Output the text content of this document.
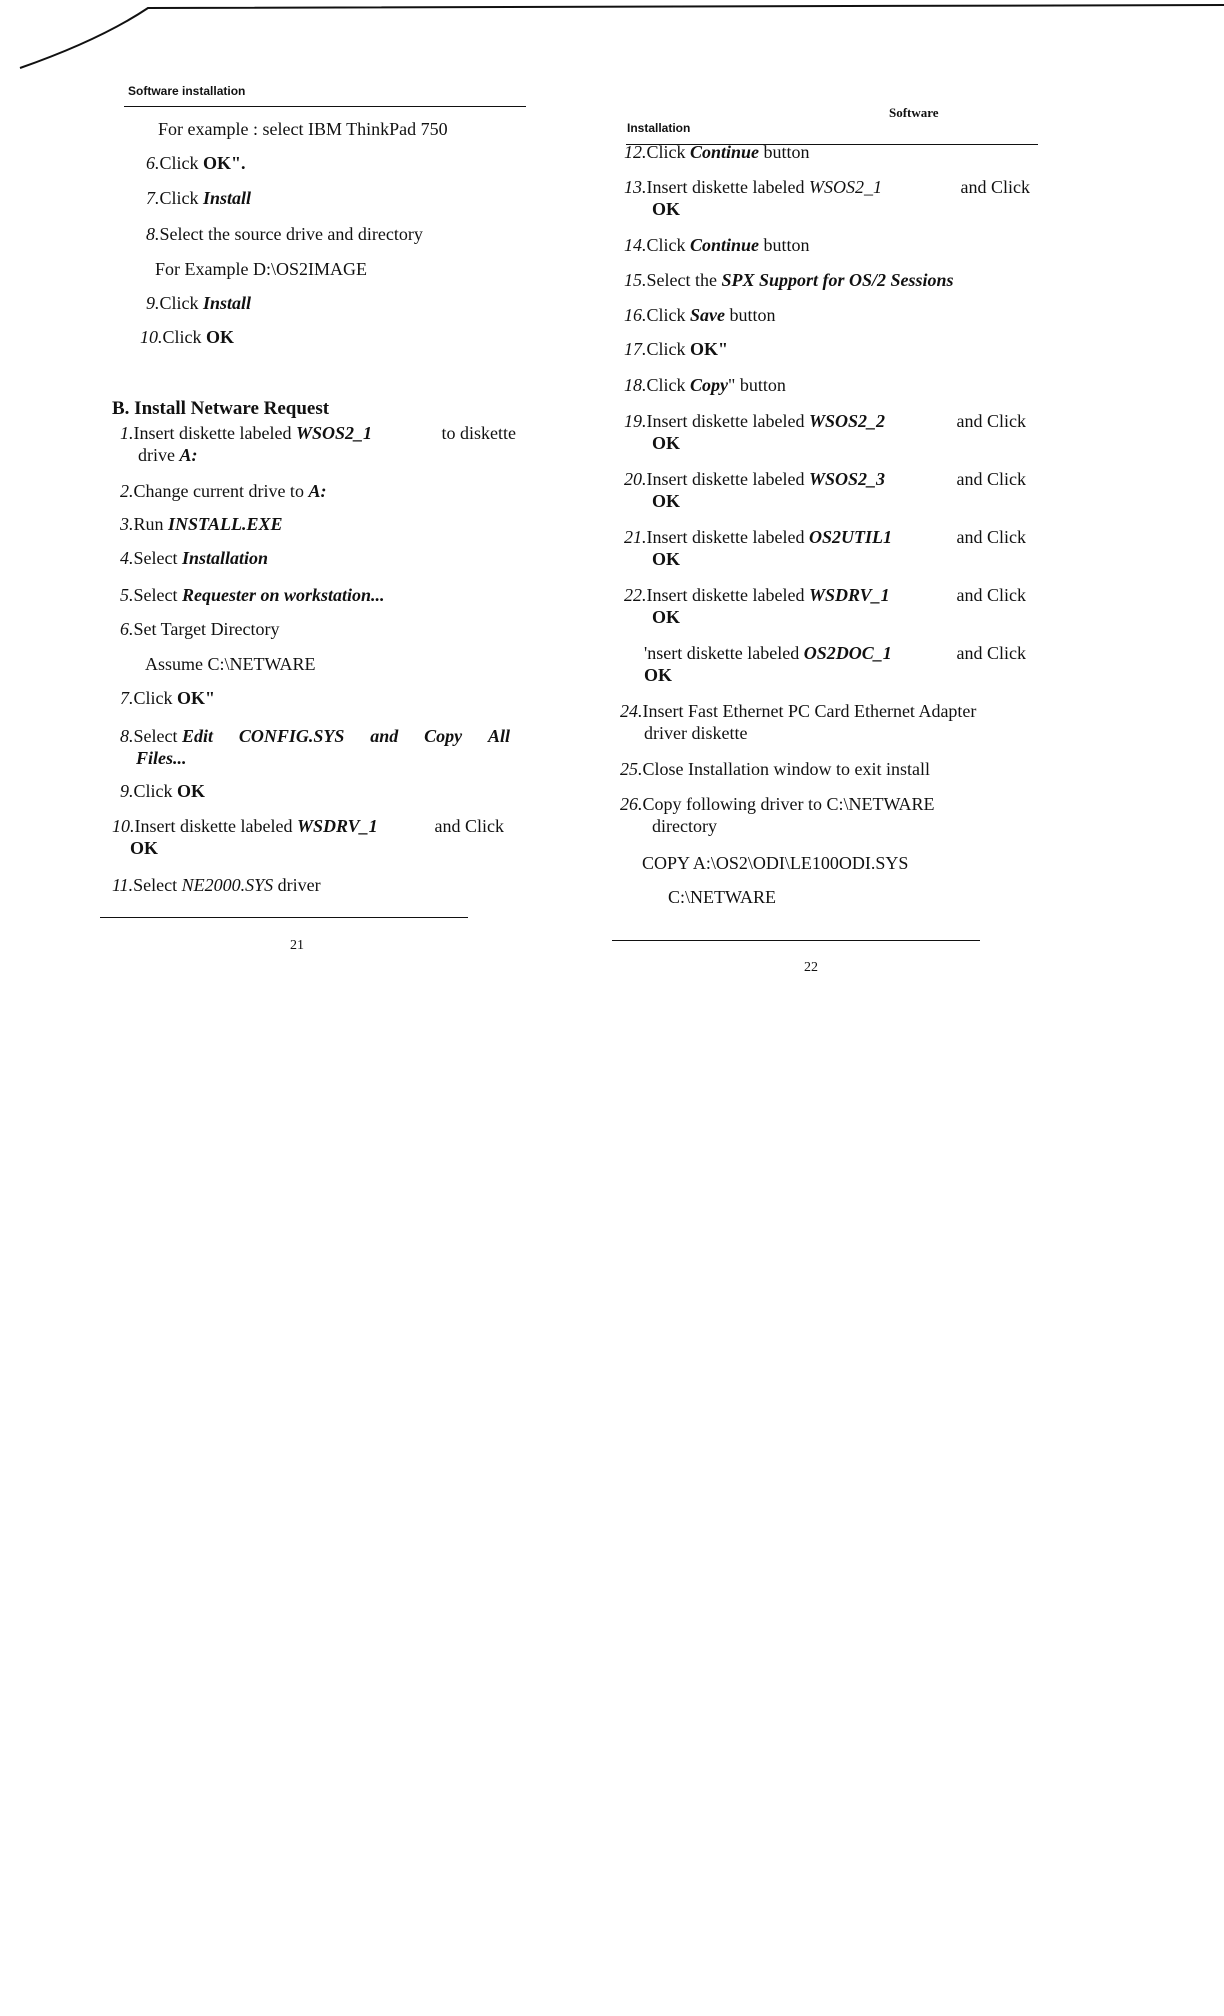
Software installation
For example : select IBM ThinkPad 750
6.Click OK".
7.Click Install
8.Select the source drive and directory
For Example D:\OS2IMAGE
9.Click Install
10.Click OK
B. Install Netware Request
1.Insert diskette labeled WSOS2_1	to diskette
drive A:
2.Change current drive to A:
3.Run INSTALL.EXE
4.Select Installation
5.Select Requester on workstation...
6.Set Target Directory
Assume C:\NETWARE
7.Click OK"
8.Select Edit CONFIG.SYS and Copy All
Files...
9.Click OK
10.Insert diskette labeled WSDRV_1	and Click
OK
11.Select NE2000.SYS driver
21
Software
Installation
12.Click Continue button
13.Insert diskette labeled WSOS2_1	and Click
OK
14.Click Continue button
15.Select the SPX Support for OS/2 Sessions
16.Click Save button
17.Click OK"
18.Click Copy" button
19.Insert diskette labeled WSOS2_2	and Click
OK
20.Insert diskette labeled WSOS2_3	and Click
OK
21.Insert diskette labeled OS2UTIL1	and Click
OK
22.Insert diskette labeled WSDRV_1	and Click
OK
'nsert diskette labeled OS2DOC_1	and Click
OK
24.Insert Fast Ethernet PC Card Ethernet Adapter
driver diskette
25.Close Installation window to exit install
26.Copy following driver to C:\NETWARE
directory
COPY A:\OS2\ODI\LE100ODI.SYS
C:\NETWARE
22
